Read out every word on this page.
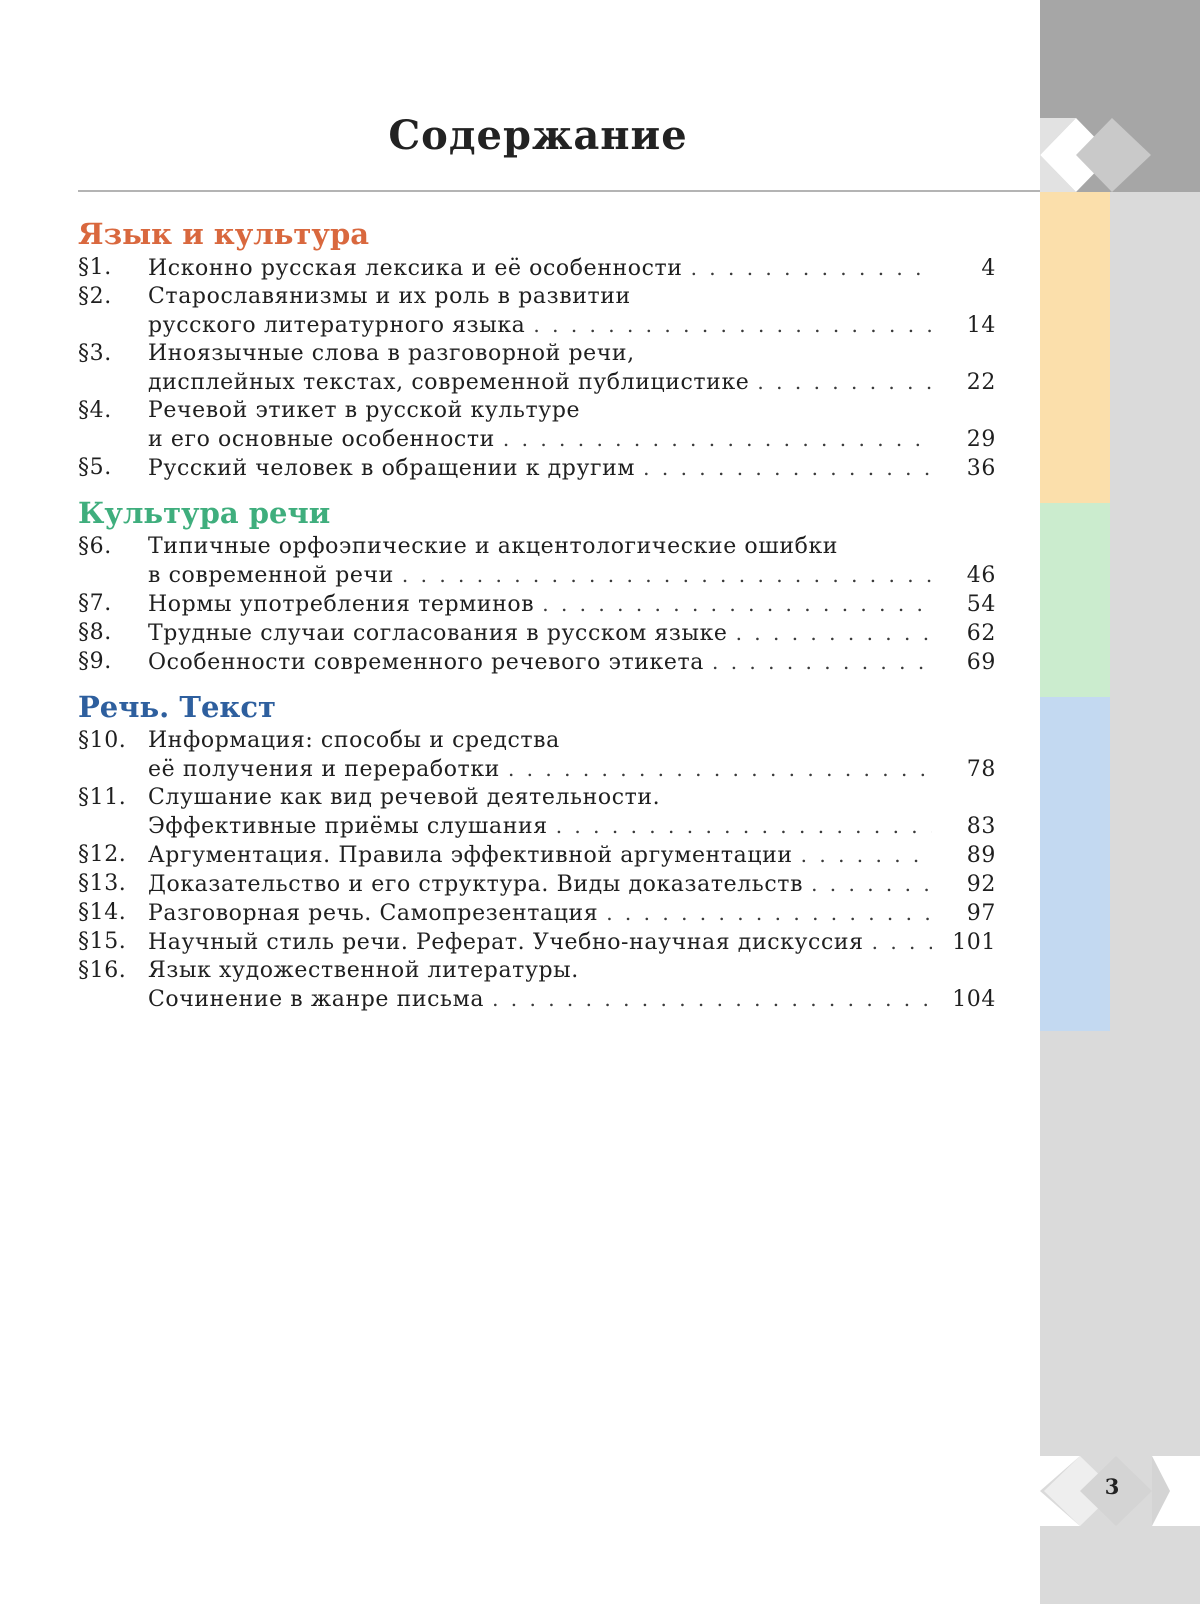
3
Содержание
Язык и культура
§1.	Исконно русская лексика и её особенности . . .	4
§2.	Старославянизмы и их роль в развитии
русского литературного языка . . .	14
§3.	Иноязычные слова в разговорной речи,
дисплейных текстах, современной публицистике . . .	22
§4.	Речевой этикет в русской культуре
и его основные особенности . . .	29
§5.	Русский человек в обращении к другим . . .	36
Культура речи
§6.	Типичные орфоэпические и акцентологические ошибки
в современной речи . . .	46
§7.	Нормы употребления терминов . . .	54
§8.	Трудные случаи согласования в русском языке . . .	62
§9.	Особенности современного речевого этикета . . .	69
Речь. Текст
§10. Информация: способы и средства
её получения и переработки . . .	78
§11. Слушание как вид речевой деятельности.
Эффективные приёмы слушания . . .	83
§12. Аргументация. Правила эффективной аргументации . . .	89
§13. Доказательство и его структура. Виды доказательств . . .	92
§14. Разговорная речь. Самопрезентация . . .	97
§15. Научный стиль речи. Реферат. Учебно-научная дискуссия . . .	101
§16. Язык художественной литературы.
Сочинение в жанре письма . . .	104
